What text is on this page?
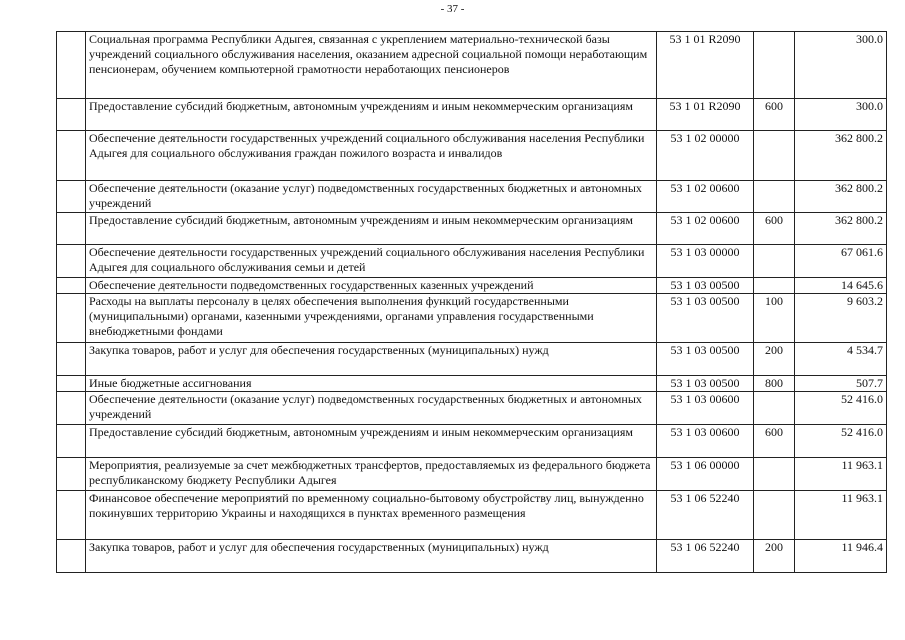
- 37 -
	Социальная программа Республики Адыгея, связанная с укреплением материально-технической базы учреждений социального обслуживания населения, оказанием адресной социальной помощи неработающим пенсионерам, обучением компьютерной грамотности неработающих пенсионеров	53 1 01 R2090		300.0
	Предоставление субсидий бюджетным, автономным учреждениям и иным некоммерческим организациям	53 1 01 R2090	600	300.0
	Обеспечение деятельности государственных учреждений социального обслуживания населения Республики Адыгея для социального обслуживания граждан пожилого возраста и инвалидов	53 1 02 00000		362 800.2
	Обеспечение деятельности (оказание услуг) подведомственных государственных бюджетных и автономных учреждений	53 1 02 00600		362 800.2
	Предоставление субсидий бюджетным, автономным учреждениям и иным некоммерческим организациям	53 1 02 00600	600	362 800.2
	Обеспечение деятельности государственных учреждений социального обслуживания населения Республики Адыгея для социального обслуживания семьи и детей	53 1 03 00000		67 061.6
	Обеспечение деятельности подведомственных государственных казенных учреждений	53 1 03 00500		14 645.6
	Расходы на выплаты персоналу в целях обеспечения выполнения функций государственными (муниципальными) органами, казенными учреждениями, органами управления государственными внебюджетными фондами	53 1 03 00500	100	9 603.2
	Закупка товаров, работ и услуг для обеспечения государственных (муниципальных) нужд	53 1 03 00500	200	4 534.7
	Иные бюджетные ассигнования	53 1 03 00500	800	507.7
	Обеспечение деятельности (оказание услуг) подведомственных государственных бюджетных и автономных учреждений	53 1 03 00600		52 416.0
	Предоставление субсидий бюджетным, автономным учреждениям и иным некоммерческим организациям	53 1 03 00600	600	52 416.0
	Мероприятия, реализуемые за счет межбюджетных трансфертов, предоставляемых из федерального бюджета республиканскому бюджету Республики Адыгея	53 1 06 00000		11 963.1
	Финансовое обеспечение мероприятий по временному социально-бытовому обустройству лиц, вынужденно покинувших территорию Украины и находящихся в пунктах временного размещения	53 1 06 52240		11 963.1
	Закупка товаров, работ и услуг для обеспечения государственных (муниципальных) нужд	53 1 06 52240	200	11 946.4
